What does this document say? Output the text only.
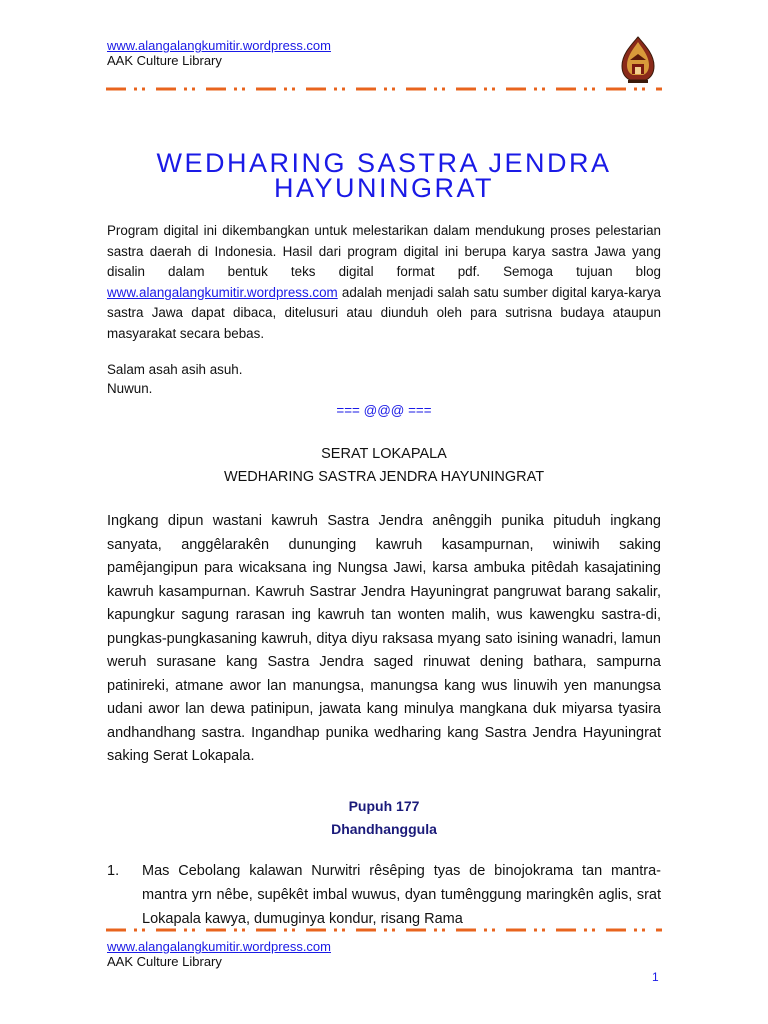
www.alangalangkumitir.wordpress.com
AAK Culture Library
WEDHARING SASTRA JENDRA
HAYUNINGRAT

Program digital ini dikembangkan untuk melestarikan dalam mendukung proses pelestarian sastra daerah di Indonesia. Hasil dari program digital ini berupa karya sastra Jawa yang disalin dalam bentuk teks digital format pdf. Semoga tujuan blog www.alangalangkumitir.wordpress.com adalah menjadi salah satu sumber digital karya-karya sastra Jawa dapat dibaca, ditelusuri atau diunduh oleh para sutrisna budaya ataupun masyarakat secara bebas.

Salam asah asih asuh.
Nuwun.

=== @@@ ===
SERAT LOKAPALA
WEDHARING SASTRA JENDRA HAYUNINGRAT

Ingkang dipun wastani kawruh Sastra Jendra anênggih punika pituduh ingkang sanyata, anggêlarakên dununging kawruh kasampurnan, winiwih saking pamêjangipun para wicaksana ing Nungsa Jawi, karsa ambuka pitêdah kasajatining kawruh kasampurnan. Kawruh Sastrar Jendra Hayuningrat pangruwat barang sakalir, kapungkur sagung rarasan ing kawruh tan wonten malih, wus kawengku sastra-di, pungkas-pungkasaning kawruh, ditya diyu raksasa myang sato isining wanadri, lamun weruh surasane kang Sastra Jendra saged rinuwat dening bathara, sampurna patinireki, atmane awor lan manungsa, manungsa kang wus linuwih yen manungsa udani awor lan dewa patinipun, jawata kang minulya mangkana duk miyarsa tyasira andhandhang sastra. Ingandhap punika wedharing kang Sastra Jendra Hayuningrat saking Serat Lokapala.

Pupuh 177
Dhandhanggula
1. Mas Cebolang kalawan Nurwitri rêsêping tyas de binojokrama tan mantra-mantra yrn nêbe, supêkêt imbal wuwus, dyan tumênggung maringkên aglis, srat Lokapala kawya, dumuginya kondur, risang Rama

www.alangalangkumitir.wordpress.com
AAK Culture Library
1
